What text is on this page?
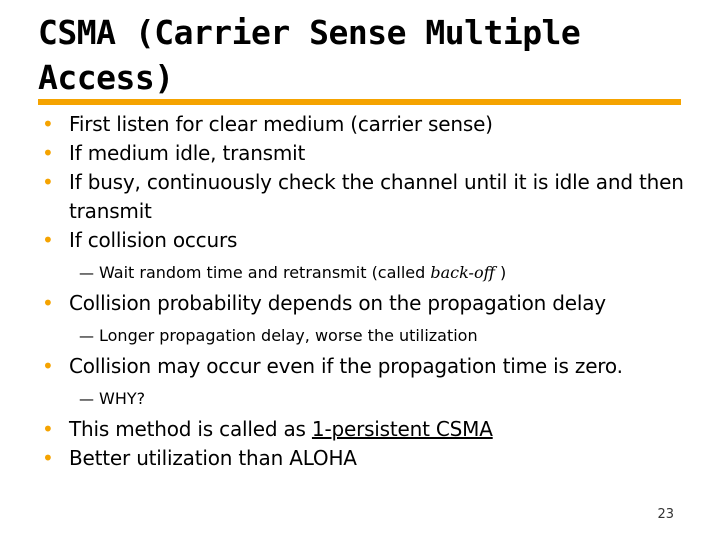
CSMA (Carrier Sense Multiple Access)
• First listen for clear medium (carrier sense)
• If medium idle, transmit
• If busy, continuously check the channel until it is idle and then transmit
• If collision occurs
— Wait random time and retransmit (called back-off )
• Collision probability depends on the propagation delay
— Longer propagation delay, worse the utilization
• Collision may occur even if the propagation time is zero.
— WHY?
• This method is called as 1-persistent CSMA
• Better utilization than ALOHA
23
